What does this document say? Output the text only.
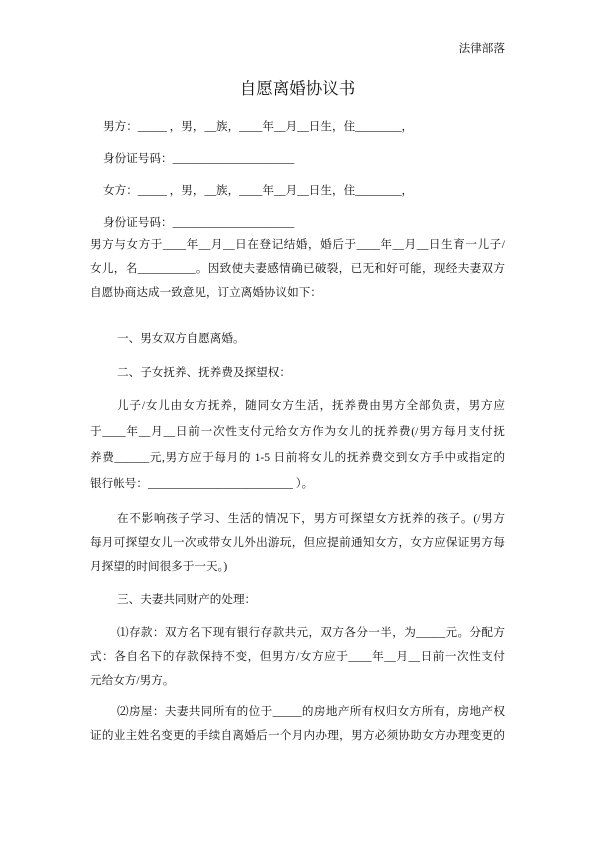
法律部落
自愿离婚协议书
男方：_____ ，男，__族，____年__月__日生，住________，
身份证号码：_____________________
女方：_____ ，男，__族，____年__月__日生，住________，
身份证号码：_____________________
男方与女方于____年__月__日在登记结婚，婚后于____年__月__日生育一儿子/
女儿，名__________。因致使夫妻感情确已破裂，已无和好可能，现经夫妻双方
自愿协商达成一致意见，订立离婚协议如下：
一、男女双方自愿离婚。
二、子女抚养、抚养费及探望权：
儿子/女儿由女方抚养，随同女方生活，抚养费由男方全部负责，男方应
于____年__月__日前一次性支付元给女方作为女儿的抚养费(/男方每月支付抚
养费______元,男方应于每月的 1-5 日前将女儿的抚养费交到女方手中或指定的
银行帐号：_________________________ ）。
在不影响孩子学习、生活的情况下，男方可探望女方抚养的孩子。(/男方
每月可探望女儿一次或带女儿外出游玩，但应提前通知女方，女方应保证男方每
月探望的时间很多于一天。)
三、夫妻共同财产的处理：
⑴存款：双方名下现有银行存款共元，双方各分一半，为_____元。分配方
式：各自名下的存款保持不变，但男方/女方应于____年__月__日前一次性支付
元给女方/男方。
⑵房屋：夫妻共同所有的位于_____的房地产所有权归女方所有，房地产权
证的业主姓名变更的手续自离婚后一个月内办理，男方必须协助女方办理变更的
